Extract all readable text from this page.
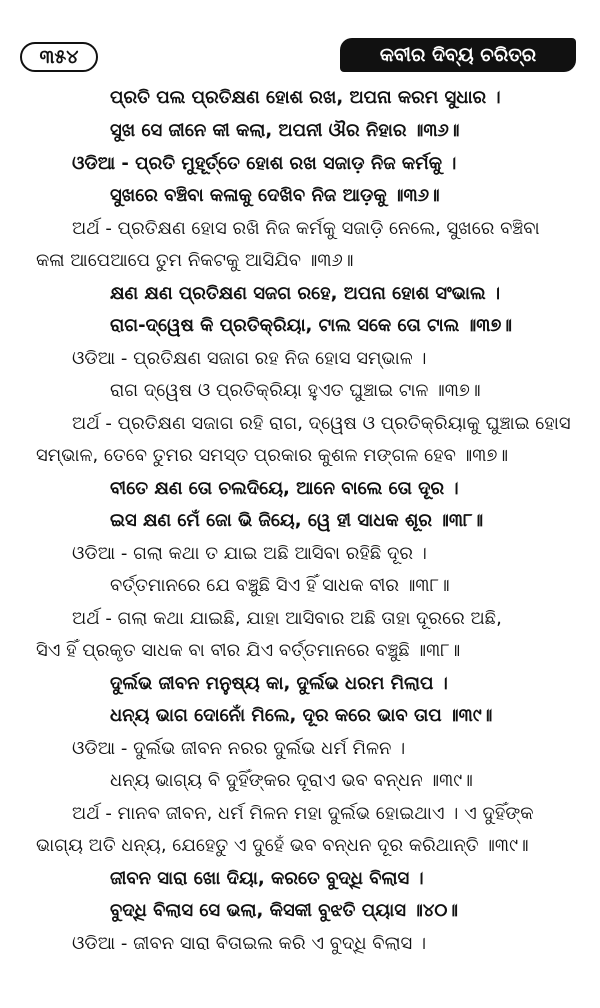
୩୫୪	କବୀର ଦିବ୍ୟ ଚରିତ୍ର
ପ୍ରତି ପଲ ପ୍ରତିକ୍ଷଣ ହୋଶ ରଖ, ଅପନା କରମ ସୁଧାର ।
ସୁଖ ସେ ଜୀନେ କୀ କଲା, ଅପନୀ ଔର ନିହାର ॥୩୬॥
ଓଡିଆ - ପ୍ରତି ମୁହୂର୍ତ୍ତେ ହୋଶ ରଖ ସଜାଡ଼ ନିଜ କର୍ମକୁ ।
ସୁଖରେ ବଞ୍ଚିବା କଳାକୁ ଦେଖିବ ନିଜ ଆଡ଼କୁ ॥୩୬॥
ଅର୍ଥ - ପ୍ରତିକ୍ଷଣ ହୋସ ରଖି ନିଜ କର୍ମକୁ ସଜାଡ଼ି ନେଲେ, ସୁଖରେ ବଞ୍ଚିବା
କଳା ଆପେଆପେ ତୁମ ନିକଟକୁ ଆସିଯିବ ॥୩୬॥
କ୍ଷଣ କ୍ଷଣ ପ୍ରତିକ୍ଷଣ ସଜଗ ରହେ, ଅପନା ହୋଶ ସଂଭାଲ ।
ରାଗ-ଦ୍ୱେଷ କି ପ୍ରତିକ୍ରିୟା, ଟାଲ ସକେ ତୋ ଟାଲ ॥୩୭॥
ଓଡିଆ - ପ୍ରତିକ୍ଷଣ ସଜାଗ ରହ ନିଜ ହୋସ ସମ୍ଭାଳ ।
ରାଗ ଦ୍ୱେଷ ଓ ପ୍ରତିକ୍ରିୟା ହୁଏତ ଘୁଞ୍ଚାଇ ଟାଳ ॥୩୭॥
ଅର୍ଥ - ପ୍ରତିକ୍ଷଣ ସଜାଗ ରହି ରାଗ, ଦ୍ୱେଷ ଓ ପ୍ରତିକ୍ରିୟାକୁ ଘୁଞ୍ଚାଇ ହୋସ
ସମ୍ଭାଳ, ତେବେ ତୁମର ସମସ୍ତ ପ୍ରକାର କୁଶଳ ମଙ୍ଗଳ ହେବ ॥୩୭॥
ବୀତେ କ୍ଷଣ ତୋ ଚଲଦିୟେ, ଆନେ ବାଲେ ତୋ ଦୂର ।
ଇସ କ୍ଷଣ ମେଁ ଜୋ ଭି ଜିୟେ, ୱେ ହୀ ସାଧକ ଶୂର ॥୩୮॥
ଓଡିଆ - ଗଲା କଥା ତ ଯାଇ ଅଛି ଆସିବା ରହିଛି ଦୂର ।
ବର୍ତ୍ତମାନରେ ଯେ ବଞ୍ଚୁଛି ସିଏ ହିଁ ସାଧକ ବୀର ॥୩୮॥
ଅର୍ଥ - ଗଲା କଥା ଯାଇଛି, ଯାହା ଆସିବାର ଅଛି ତାହା ଦୂରରେ ଅଛି,
ସିଏ ହିଁ ପ୍ରକୃତ ସାଧକ ବା ବୀର ଯିଏ ବର୍ତ୍ତମାନରେ ବଞ୍ଚୁଛି ॥୩୮॥
ଦୁର୍ଲଭ ଜୀବନ ମନୁଷ୍ୟ କା, ଦୁର୍ଲଭ ଧରମ ମିଲାପ ।
ଧନ୍ୟ ଭାଗ ଦୋନୋଁ ମିଲେ, ଦୂର କରେ ଭାବ ତାପ ॥୩୯॥
ଓଡିଆ - ଦୁର୍ଲଭ ଜୀବନ ନରର ଦୁର୍ଲଭ ଧର୍ମ ମିଳନ ।
ଧନ୍ୟ ଭାଗ୍ୟ ବି ଦୁହିଁଙ୍କର ଦୂରାଏ ଭବ ବନ୍ଧନ ॥୩୯॥
ଅର୍ଥ - ମାନବ ଜୀବନ, ଧର୍ମ ମିଳନ ମହା ଦୁର୍ଲଭ ହୋଇଥାଏ । ଏ ଦୁହିଁଙ୍କ
ଭାଗ୍ୟ ଅତି ଧନ୍ୟ, ଯେହେତୁ ଏ ଦୁହେଁ ଭବ ବନ୍ଧନ ଦୂର କରିଥାନ୍ତି ॥୩୯॥
ଜୀବନ ସାରା ଖୋ ଦିୟା, କରତେ ବୁଦ୍ଧି ବିଲାସ ।
ବୁଦ୍ଧି ବିଲାସ ସେ ଭଲା, କିସକୀ ବୁଝତି ପ୍ୟାସ ॥୪୦॥
ଓଡିଆ - ଜୀବନ ସାରା ବିତାଇଲ କରି ଏ ବୁଦ୍ଧି ବିଲାସ ।
